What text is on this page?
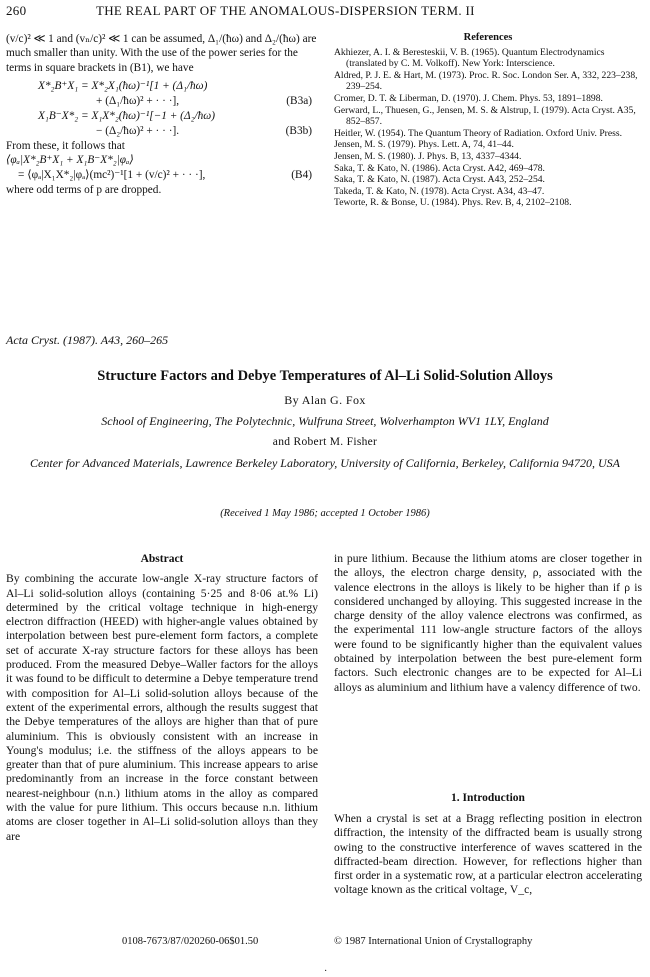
260	THE REAL PART OF THE ANOMALOUS-DISPERSION TERM. II

(v/c)² ≪ 1 and (vₙ/c)² ≪ 1 can be assumed, Δ₁/(ħω) and Δ₂/(ħω) are much smaller than unity. With the use of the power series for the terms in square brackets in (B1), we have

X*₂B⁺X₁ = X*₂X₁(ħω)⁻¹[1 + (Δ₁/ħω)
+ (Δ₁/ħω)² + · · ·],	(B3a)
X₁B⁻X*₂ = X₁X*₂(ħω)⁻¹[−1 + (Δ₂/ħω)
− (Δ₂/ħω)² + · · ·].	(B3b)

From these, it follows that

⟨φₐ|X*₂B⁺X₁ + X₁B⁻X*₂|φₐ⟩
= ⟨φₐ|X₁X*₂|φₐ⟩(mc²)⁻¹[1 + (v/c)² + · · ·],	(B4)

where odd terms of p are dropped.

References

Akhiezer, A. I. & Beresteskii, V. B. (1965). Quantum Electrodynamics (translated by C. M. Volkoff). New York: Interscience.

Aldred, P. J. E. & Hart, M. (1973). Proc. R. Soc. London Ser. A, 332, 223–238, 239–254.

Cromer, D. T. & Liberman, D. (1970). J. Chem. Phys. 53, 1891–1898.

Gerward, L., Thuesen, G., Jensen, M. S. & Alstrup, I. (1979). Acta Cryst. A35, 852–857.

Heitler, W. (1954). The Quantum Theory of Radiation. Oxford Univ. Press.

Jensen, M. S. (1979). Phys. Lett. A, 74, 41–44.

Jensen, M. S. (1980). J. Phys. B, 13, 4337–4344.

Saka, T. & Kato, N. (1986). Acta Cryst. A42, 469–478.

Saka, T. & Kato, N. (1987). Acta Cryst. A43, 252–254.

Takeda, T. & Kato, N. (1978). Acta Cryst. A34, 43–47.

Teworte, R. & Bonse, U. (1984). Phys. Rev. B, 4, 2102–2108.

Acta Cryst. (1987). A43, 260–265
Structure Factors and Debye Temperatures of Al–Li Solid-Solution Alloys
By Alan G. Fox
School of Engineering, The Polytechnic, Wulfruna Street, Wolverhampton WV1 1LY, England
and Robert M. Fisher
Center for Advanced Materials, Lawrence Berkeley Laboratory, University of California, Berkeley, California 94720, USA
(Received 1 May 1986; accepted 1 October 1986)
Abstract

By combining the accurate low-angle X-ray structure factors of Al–Li solid-solution alloys (containing 5·25 and 8·06 at.% Li) determined by the critical voltage technique in high-energy electron diffraction (HEED) with higher-angle values obtained by interpolation between best pure-element form factors, a complete set of accurate X-ray structure factors for these alloys has been produced. From the measured Debye–Waller factors for the alloys it was found to be difficult to determine a Debye temperature trend with composition for Al–Li solid-solution alloys because of the extent of the experimental errors, although the results suggest that the Debye temperatures of the alloys are higher than that of pure aluminium. This is obviously consistent with an increase in Young's modulus; i.e. the stiffness of the alloys appears to be greater than that of pure aluminium. This increase appears to arise predominantly from an increase in the force constant between nearest-neighbour (n.n.) lithium atoms in the alloy as compared with the value for pure lithium. This occurs because n.n. lithium atoms are closer together in Al–Li solid-solution alloys than they are

in pure lithium. Because the lithium atoms are closer together in the alloys, the electron charge density, ρ, associated with the valence electrons in the alloys is likely to be higher than if ρ is considered unchanged by alloying. This suggested increase in the charge density of the alloy valence electrons was confirmed, as the experimental 111 low-angle structure factors of the alloys were found to be significantly higher than the equivalent values obtained by interpolation between the best pure-element form factors. Such electronic changes are to be expected for Al–Li alloys as aluminium and lithium have a valency difference of two.

1. Introduction

When a crystal is set at a Bragg reflecting position in electron diffraction, the intensity of the diffracted beam is usually strong owing to the constructive interference of waves scattered in the diffracted-beam direction. However, for reflections higher than first order in a systematic row, at a particular electron accelerating voltage known as the critical voltage, V_c,

0108-7673/87/020260-06$01.50	© 1987 International Union of Crystallography
·
